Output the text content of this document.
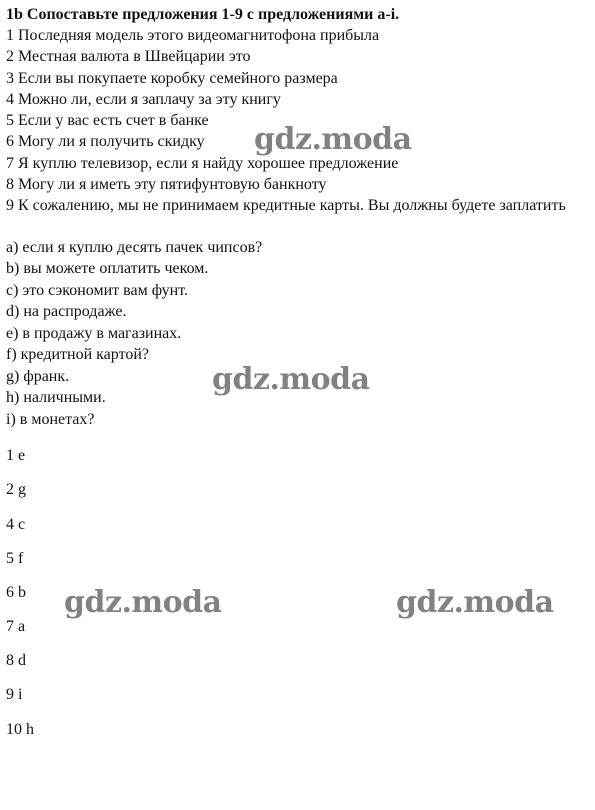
1b Сопоставьте предложения 1-9 с предложениями a-i.
1 Последняя модель этого видеомагнитофона прибыла
2 Местная валюта в Швейцарии это
3 Если вы покупаете коробку семейного размера
4 Можно ли, если я заплачу за эту книгу
5 Если у вас есть счет в банке
6 Могу ли я получить скидку
7 Я куплю телевизор, если я найду хорошее предложение
8 Могу ли я иметь эту пятифунтовую банкноту
9 К сожалению, мы не принимаем кредитные карты. Вы должны будете заплатить
a) если я куплю десять пачек чипсов?
b) вы можете оплатить чеком.
c) это сэкономит вам фунт.
d) на распродаже.
e) в продажу в магазинах.
f) кредитной картой?
g) франк.
h) наличными.
i) в монетах?
1 e
2 g
4 c
5 f
6 b
7 a
8 d
9 i
10 h
gdz.moda
gdz.moda
gdz.moda	gdz.moda
